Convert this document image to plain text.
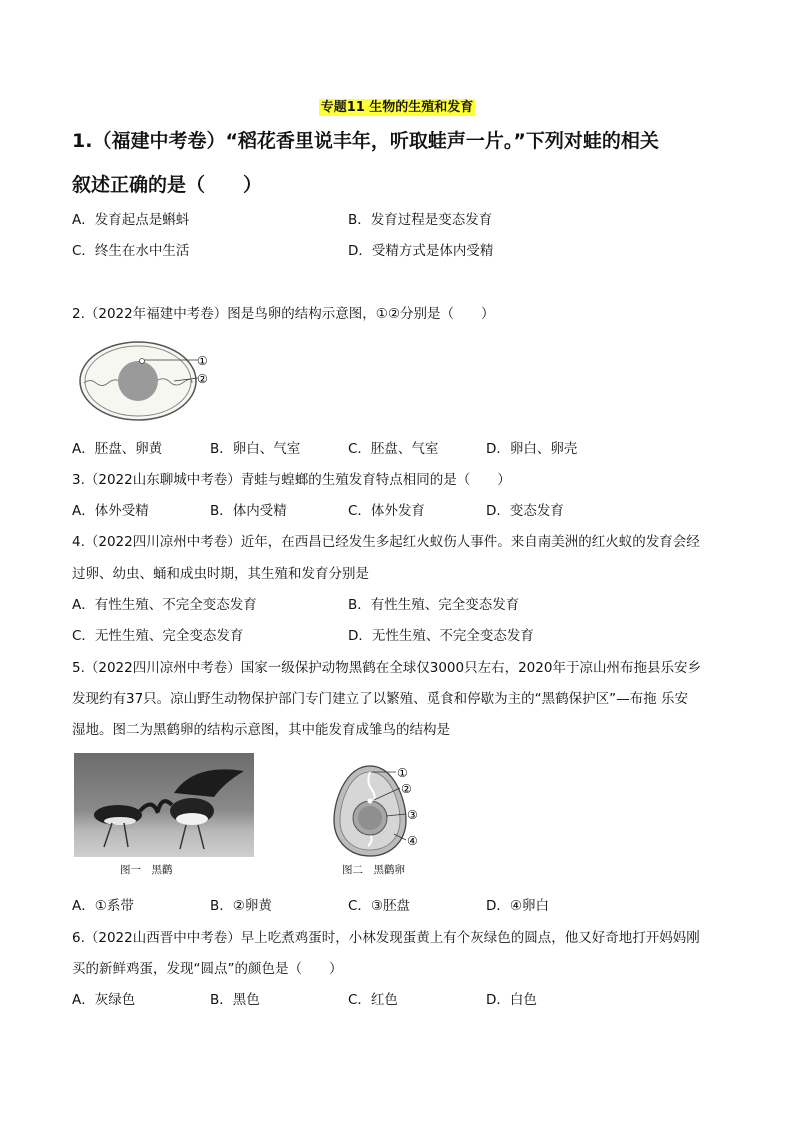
专题11 生物的生殖和发育
1.（福建中考卷）“稻花香里说丰年，听取蛙声一片。”下列对蛙的相关
叙述正确的是（　　）
A．发育起点是蝌蚪	B．发育过程是变态发育
C．终生在水中生活	D．受精方式是体内受精
2.（2022年福建中考卷）图是鸟卵的结构示意图，①②分别是（　　）
①
②
A．胚盘、卵黄	B．卵白、气室	C．胚盘、气室	D．卵白、卵壳
3.（2022山东聊城中考卷）青蛙与蝗螂的生殖发育特点相同的是（　　）
A．体外受精	B．体内受精	C．体外发育	D．变态发育
4.（2022四川凉州中考卷）近年，在西昌已经发生多起红火蚁伤人事件。来自南美洲的红火蚁的发育会经
过卵、幼虫、蛹和成虫时期，其生殖和发育分别是
A．有性生殖、不完全变态发育	B．有性生殖、完全变态发育
C．无性生殖、完全变态发育	D．无性生殖、不完全变态发育
5.（2022四川凉州中考卷）国家一级保护动物黑鹤在全球仅3000只左右，2020年于凉山州布拖县乐安乡
发现约有37只。凉山野生动物保护部门专门建立了以繁殖、觅食和停歇为主的“黑鹤保护区”—布拖 乐安
湿地。图二为黑鹤卵的结构示意图，其中能发育成雏鸟的结构是
图一　黑鹳
①
②
③
④
图二　黑鹳卵
A．①系带	B．②卵黄	C．③胚盘	D．④卵白
6.（2022山西晋中中考卷）早上吃煮鸡蛋时，小林发现蛋黄上有个灰绿色的圆点，他又好奇地打开妈妈刚
买的新鲜鸡蛋，发现“圆点”的颜色是（　　）
A．灰绿色	B．黑色	C．红色	D．白色
